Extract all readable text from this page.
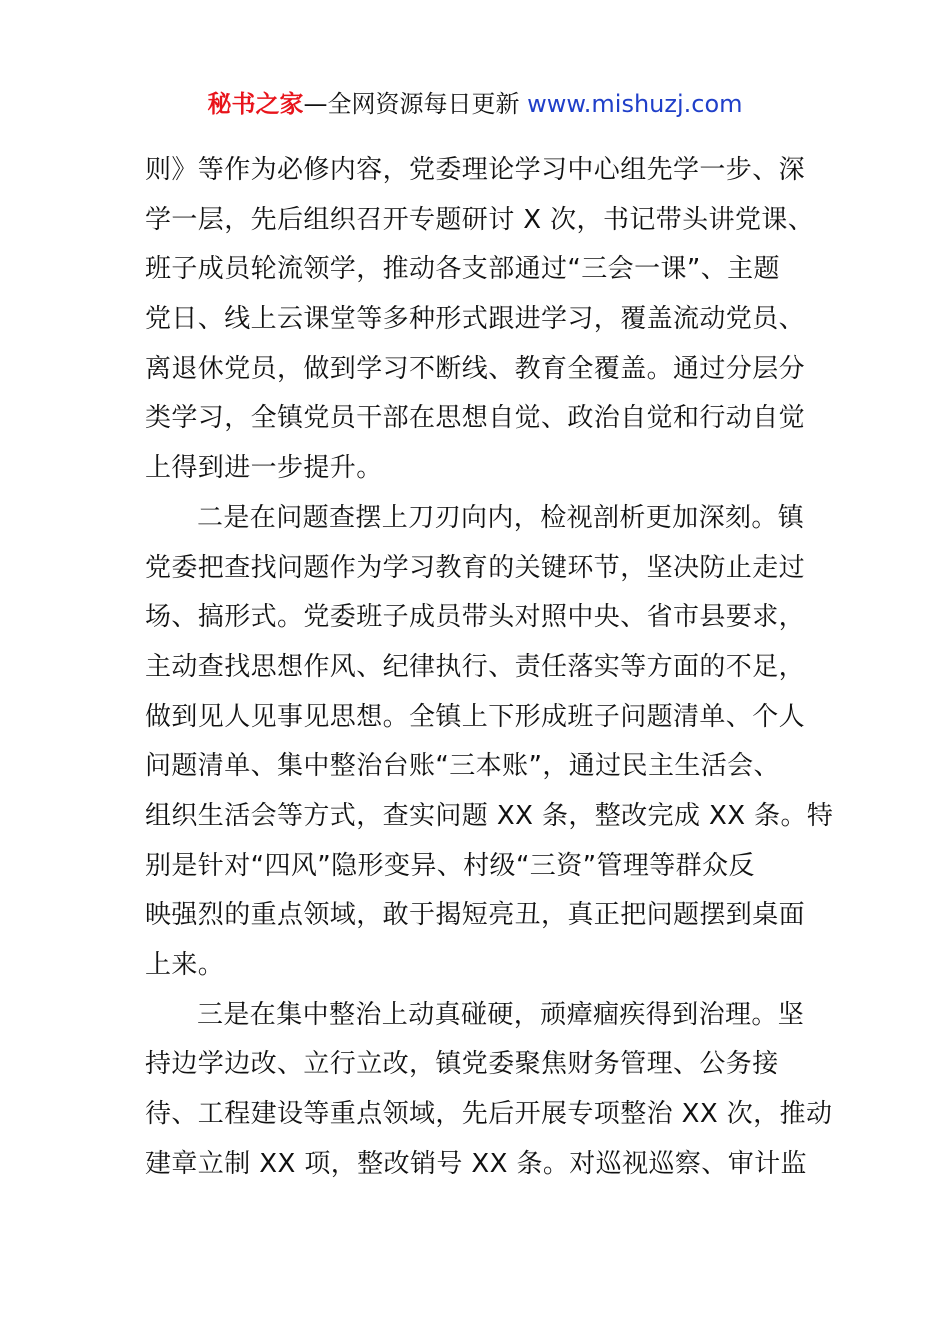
秘书之家—全网资源每日更新 www.mishuzj.com
则》等作为必修内容，党委理论学习中心组先学一步、深
学一层，先后组织召开专题研讨 X 次，书记带头讲党课、
班子成员轮流领学，推动各支部通过“三会一课”、主题
党日、线上云课堂等多种形式跟进学习，覆盖流动党员、
离退休党员，做到学习不断线、教育全覆盖。通过分层分
类学习，全镇党员干部在思想自觉、政治自觉和行动自觉
上得到进一步提升。
二是在问题查摆上刀刃向内，检视剖析更加深刻。镇
党委把查找问题作为学习教育的关键环节，坚决防止走过
场、搞形式。党委班子成员带头对照中央、省市县要求，
主动查找思想作风、纪律执行、责任落实等方面的不足，
做到见人见事见思想。全镇上下形成班子问题清单、个人
问题清单、集中整治台账“三本账”，通过民主生活会、
组织生活会等方式，查实问题 XX 条，整改完成 XX 条。特
别是针对“四风”隐形变异、村级“三资”管理等群众反
映强烈的重点领域，敢于揭短亮丑，真正把问题摆到桌面
上来。
三是在集中整治上动真碰硬，顽瘴痼疾得到治理。坚
持边学边改、立行立改，镇党委聚焦财务管理、公务接
待、工程建设等重点领域，先后开展专项整治 XX 次，推动
建章立制 XX 项，整改销号 XX 条。对巡视巡察、审计监
